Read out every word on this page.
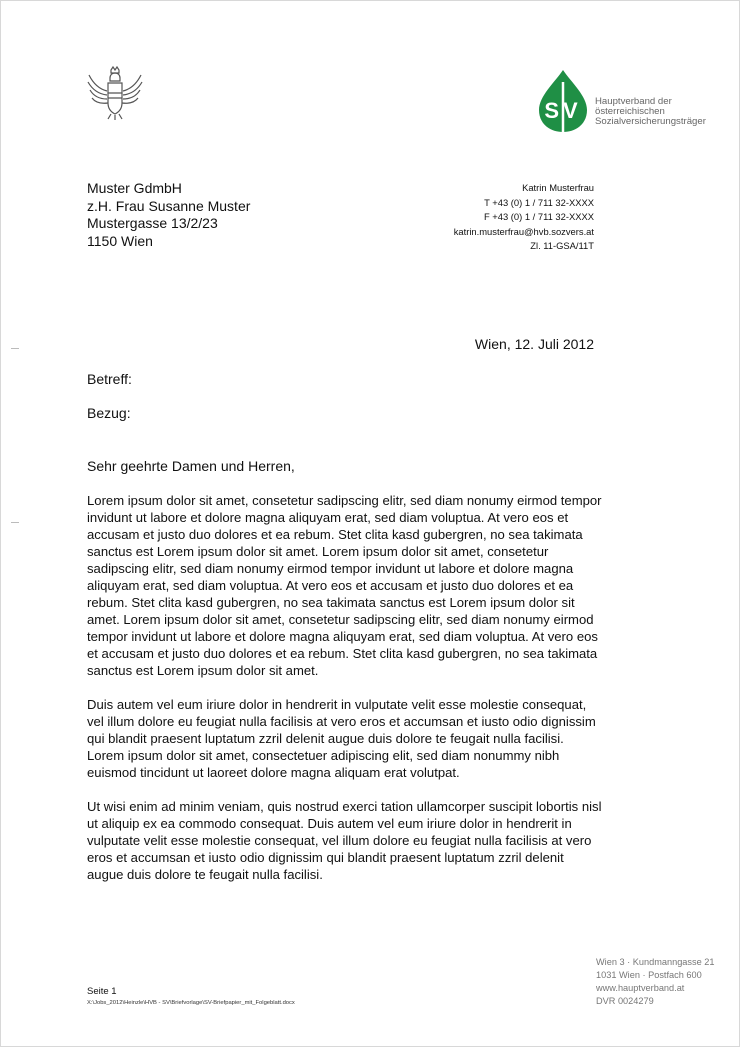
SV Hauptverband der
österreichischen
Sozialversicherungsträger
Muster GdmbH
z.H. Frau Susanne Muster
Mustergasse 13/2/23
1150 Wien
Katrin Musterfrau
T +43 (0) 1 / 711 32-XXXX
F +43 (0) 1 / 711 32-XXXX
katrin.musterfrau@hvb.sozvers.at
Zl. 11-GSA/11T
Wien, 12. Juli 2012
Betreff:
Bezug:
Sehr geehrte Damen und Herren,

Lorem ipsum dolor sit amet, consetetur sadipscing elitr, sed diam nonumy eirmod tempor invidunt ut labore et dolore magna aliquyam erat, sed diam voluptua. At vero eos et accusam et justo duo dolores et ea rebum. Stet clita kasd gubergren, no sea takimata sanctus est Lorem ipsum dolor sit amet. Lorem ipsum dolor sit amet, consetetur sadipscing elitr, sed diam nonumy eirmod tempor invidunt ut labore et dolore magna aliquyam erat, sed diam voluptua. At vero eos et accusam et justo duo dolores et ea rebum. Stet clita kasd gubergren, no sea takimata sanctus est Lorem ipsum dolor sit amet. Lorem ipsum dolor sit amet, consetetur sadipscing elitr, sed diam nonumy eirmod tempor invidunt ut labore et dolore magna aliquyam erat, sed diam voluptua. At vero eos et accusam et justo duo dolores et ea rebum. Stet clita kasd gubergren, no sea takimata sanctus est Lorem ipsum dolor sit amet.

Duis autem vel eum iriure dolor in hendrerit in vulputate velit esse molestie consequat, vel illum dolore eu feugiat nulla facilisis at vero eros et accumsan et iusto odio dignissim qui blandit praesent luptatum zzril delenit augue duis dolore te feugait nulla facilisi. Lorem ipsum dolor sit amet, consectetuer adipiscing elit, sed diam nonummy nibh euismod tincidunt ut laoreet dolore magna aliquam erat volutpat.

Ut wisi enim ad minim veniam, quis nostrud exerci tation ullamcorper suscipit lobortis nisl ut aliquip ex ea commodo consequat. Duis autem vel eum iriure dolor in hendrerit in vulputate velit esse molestie consequat, vel illum dolore eu feugiat nulla facilisis at vero eros et accumsan et iusto odio dignissim qui blandit praesent luptatum zzril delenit augue duis dolore te feugait nulla facilisi.

Seite 1
X:\Jobs_2012\Heinzle\HVB - SV\Briefvorlage\SV-Briefpapier_mit_Folgeblatt.docx
Wien 3 · Kundmanngasse 21
1031 Wien · Postfach 600
www.hauptverband.at
DVR 0024279
